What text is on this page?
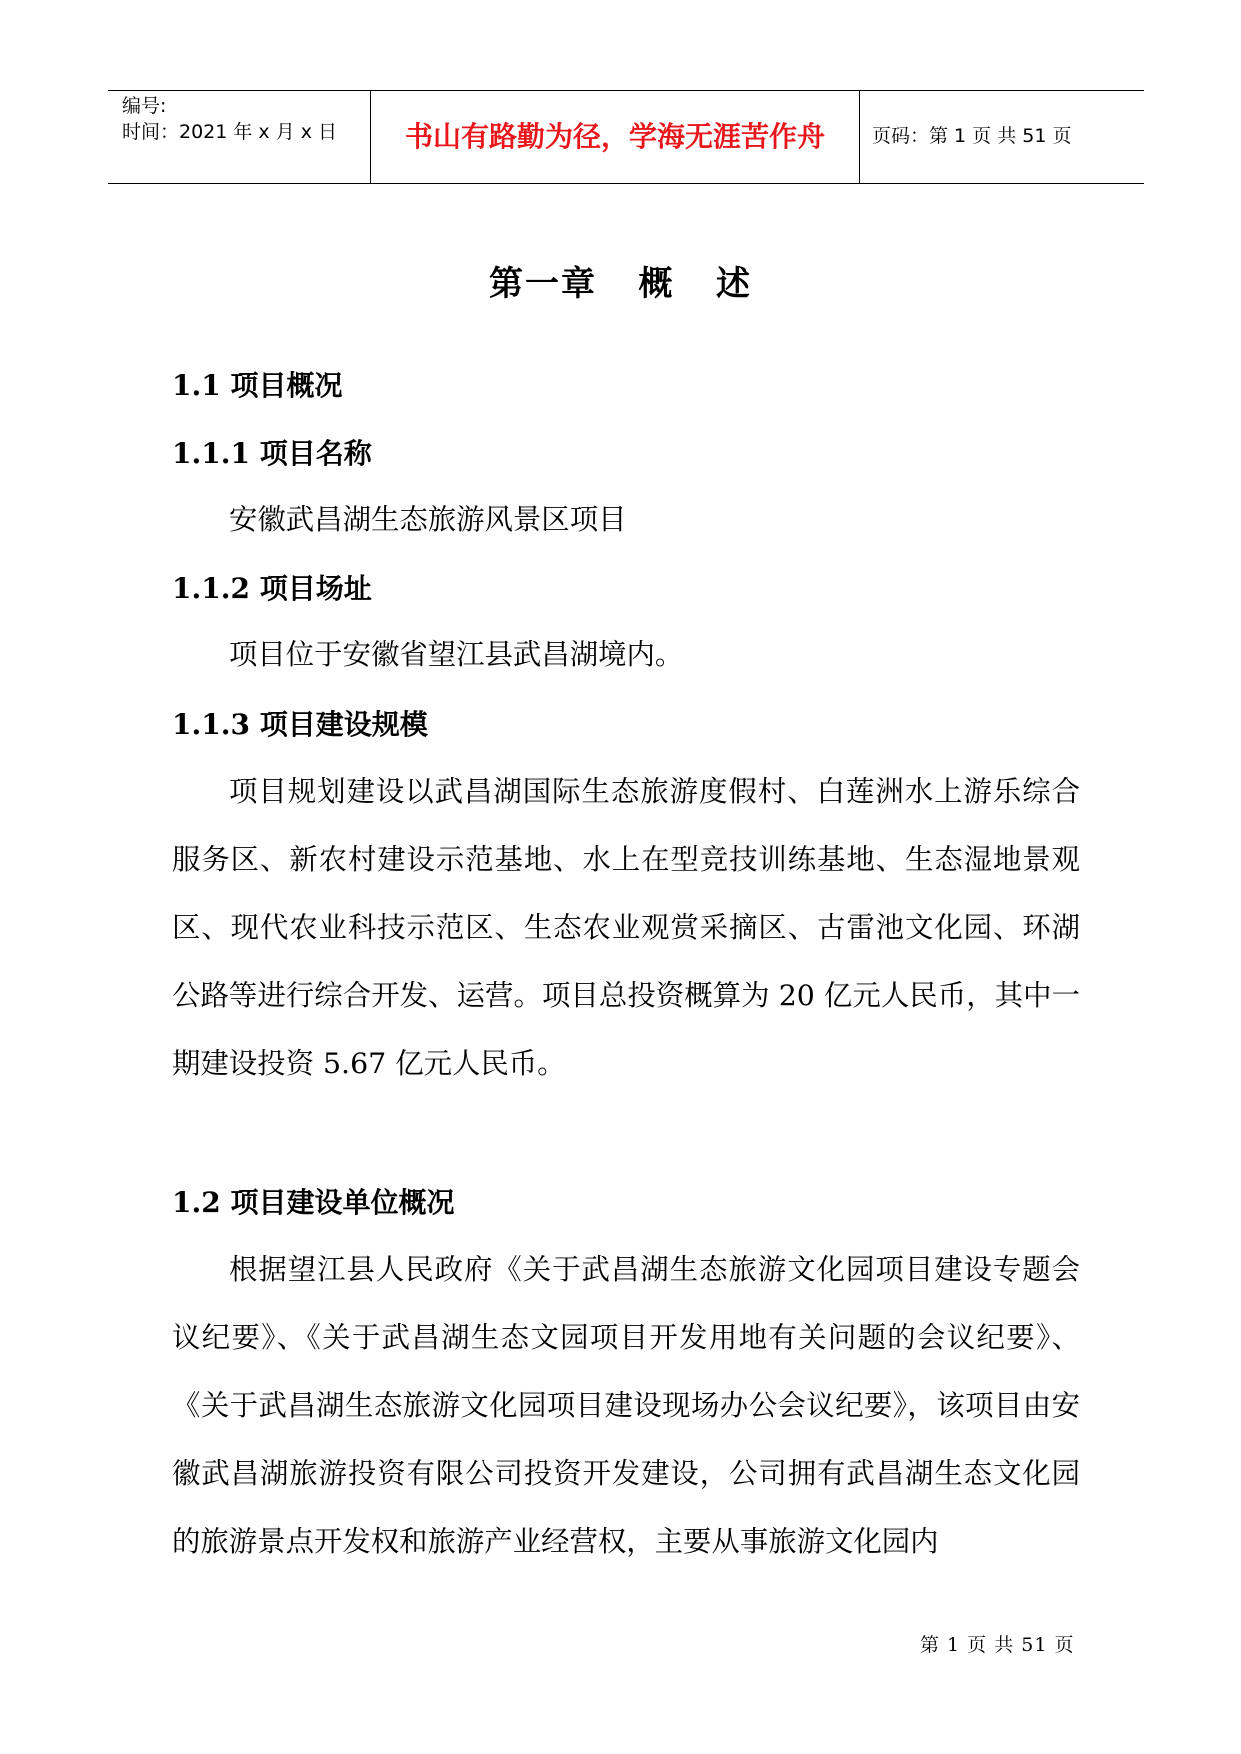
编号:
时间：2021 年 x 月 x 日	书山有路勤为径，学海无涯苦作舟	页码：第 1 页 共 51 页
第一章   概   述
1.1 项目概况
1.1.1 项目名称
安徽武昌湖生态旅游风景区项目
1.1.2 项目场址
项目位于安徽省望江县武昌湖境内。
1.1.3 项目建设规模
项目规划建设以武昌湖国际生态旅游度假村、白莲洲水上游乐综合服务区、新农村建设示范基地、水上在型竞技训练基地、生态湿地景观区、现代农业科技示范区、生态农业观赏采摘区、古雷池文化园、环湖公路等进行综合开发、运营。项目总投资概算为 20 亿元人民币，其中一期建设投资 5.67 亿元人民币。
1.2 项目建设单位概况
根据望江县人民政府《关于武昌湖生态旅游文化园项目建设专题会议纪要》、《关于武昌湖生态文园项目开发用地有关问题的会议纪要》、《关于武昌湖生态旅游文化园项目建设现场办公会议纪要》，该项目由安徽武昌湖旅游投资有限公司投资开发建设，公司拥有武昌湖生态文化园的旅游景点开发权和旅游产业经营权，主要从事旅游文化园内
第 1 页 共 51 页
